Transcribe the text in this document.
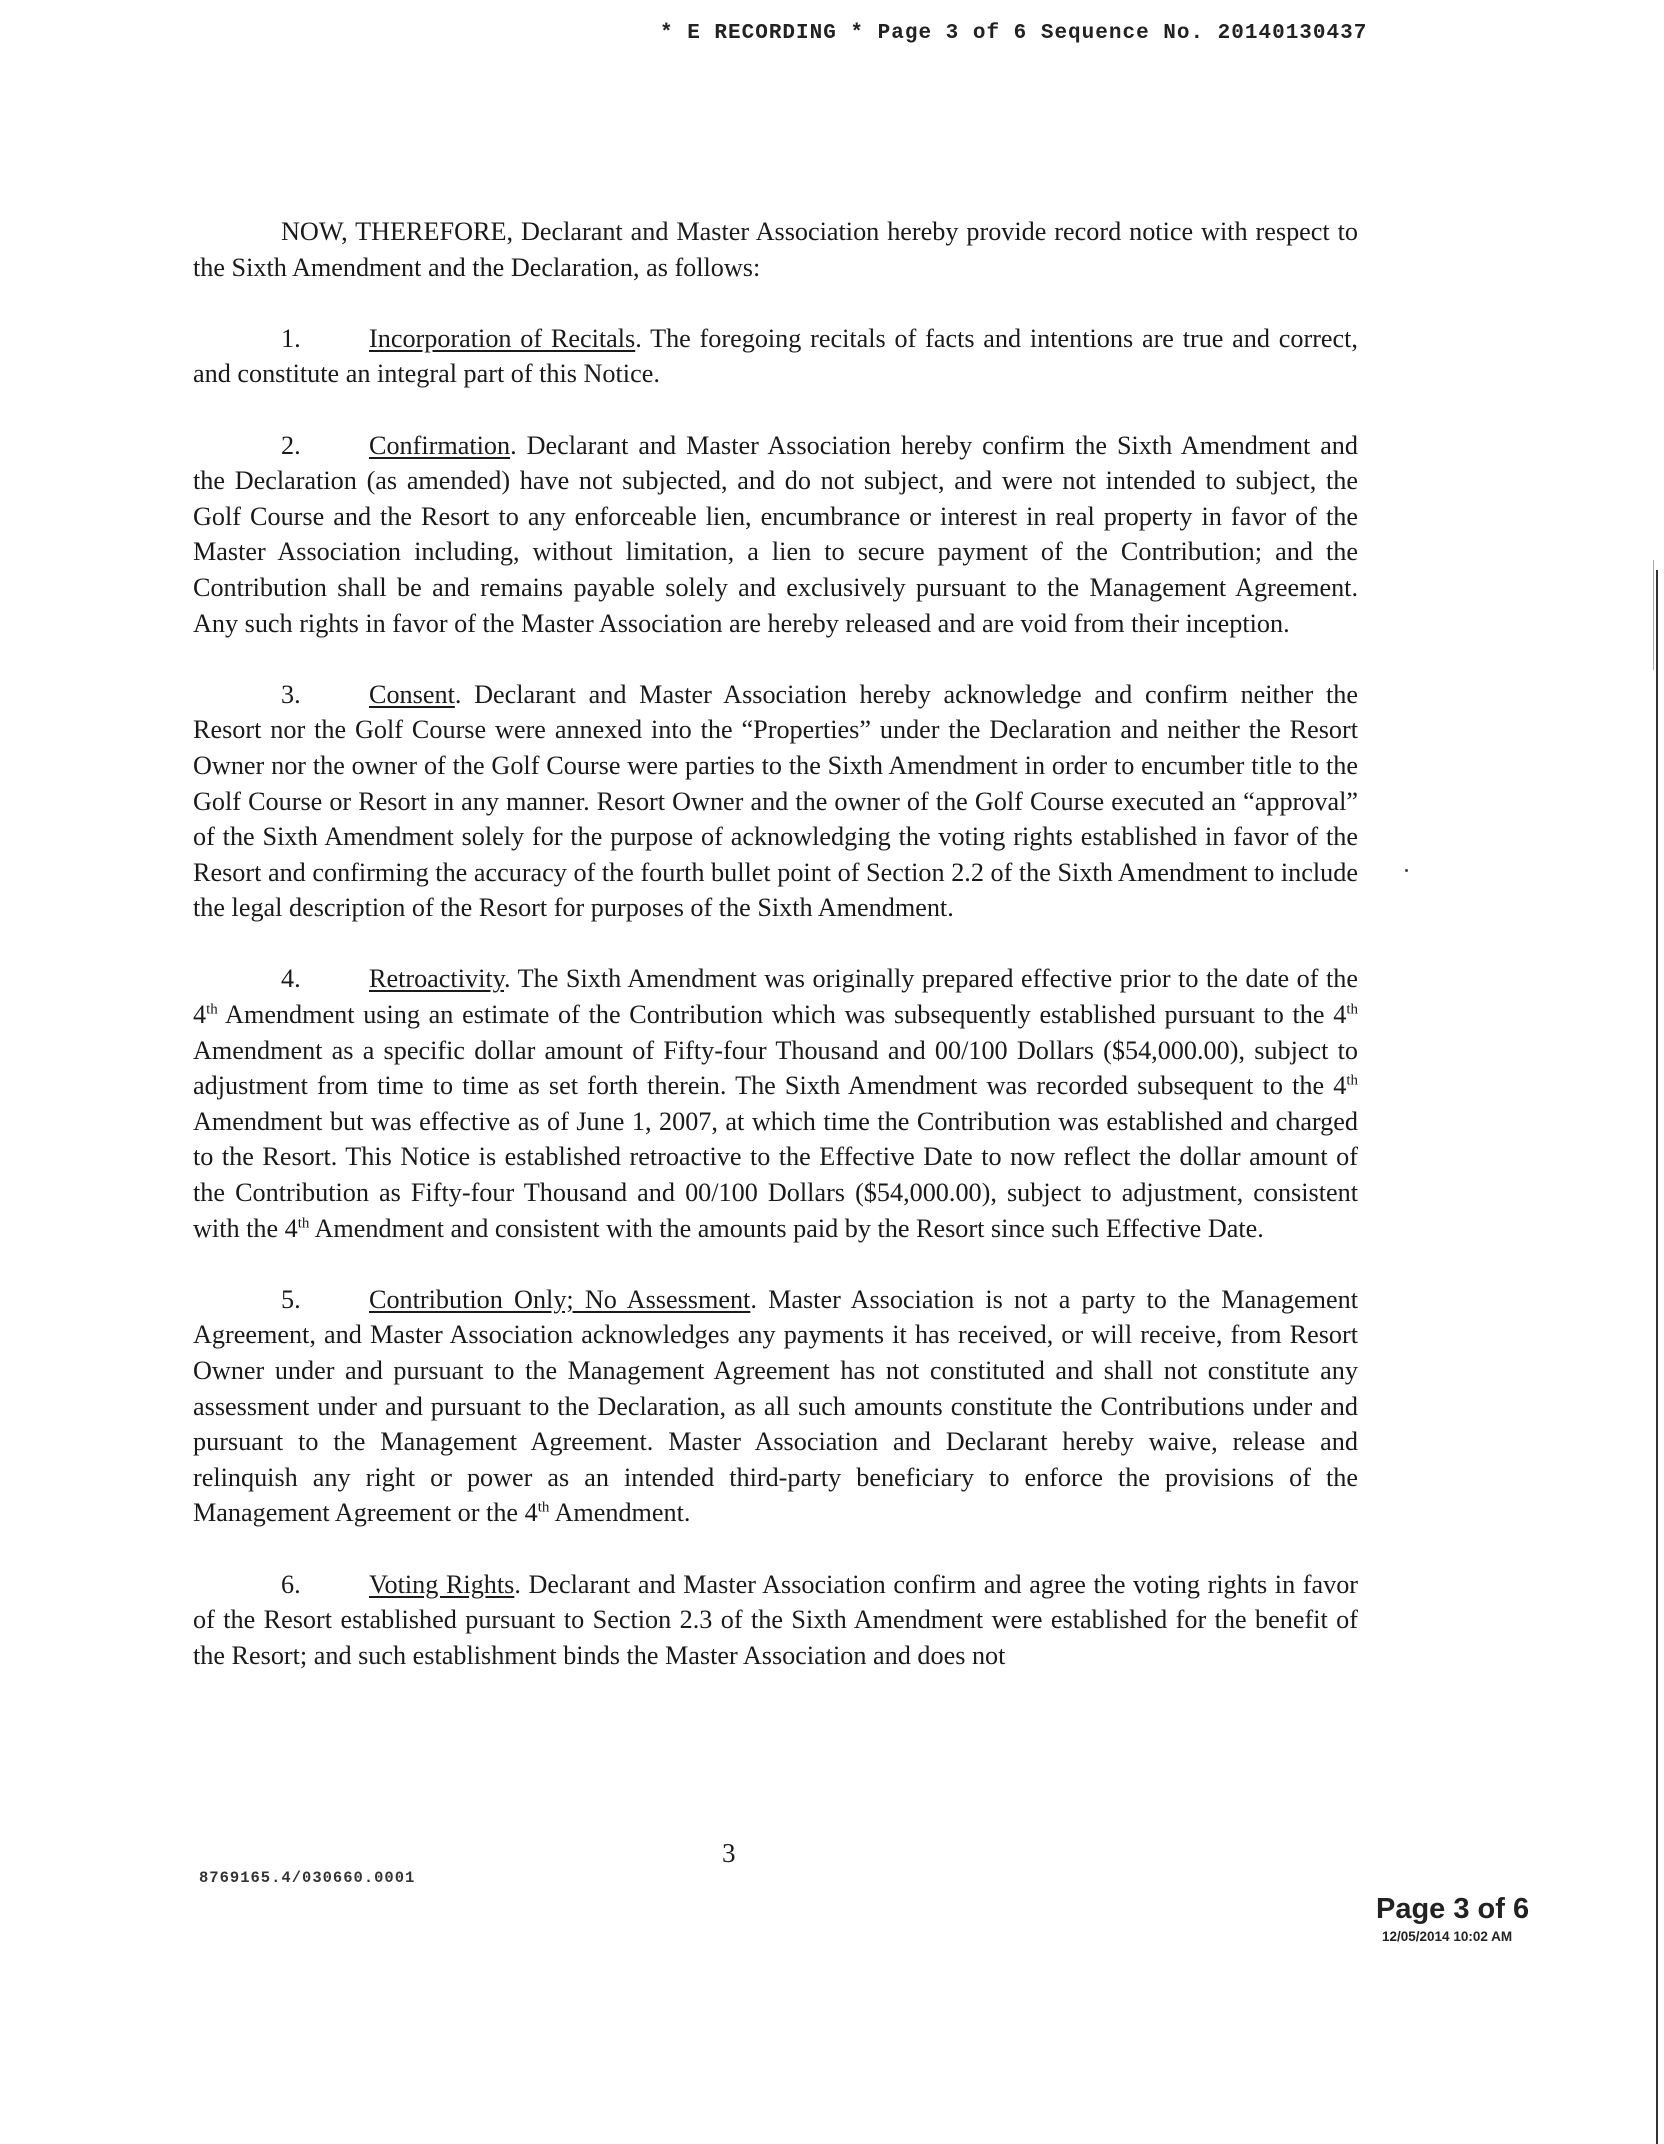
* E RECORDING * Page 3 of 6 Sequence No. 20140130437

NOW, THEREFORE, Declarant and Master Association hereby provide record notice with respect to the Sixth Amendment and the Declaration, as follows:

1.	Incorporation of Recitals. The foregoing recitals of facts and intentions are true and correct, and constitute an integral part of this Notice.

2.	Confirmation. Declarant and Master Association hereby confirm the Sixth Amendment and the Declaration (as amended) have not subjected, and do not subject, and were not intended to subject, the Golf Course and the Resort to any enforceable lien, encumbrance or interest in real property in favor of the Master Association including, without limitation, a lien to secure payment of the Contribution; and the Contribution shall be and remains payable solely and exclusively pursuant to the Management Agreement. Any such rights in favor of the Master Association are hereby released and are void from their inception.

3.	Consent. Declarant and Master Association hereby acknowledge and confirm neither the Resort nor the Golf Course were annexed into the “Properties” under the Declaration and neither the Resort Owner nor the owner of the Golf Course were parties to the Sixth Amendment in order to encumber title to the Golf Course or Resort in any manner. Resort Owner and the owner of the Golf Course executed an “approval” of the Sixth Amendment solely for the purpose of acknowledging the voting rights established in favor of the Resort and confirming the accuracy of the fourth bullet point of Section 2.2 of the Sixth Amendment to include the legal description of the Resort for purposes of the Sixth Amendment.

4.	Retroactivity. The Sixth Amendment was originally prepared effective prior to the date of the 4th Amendment using an estimate of the Contribution which was subsequently established pursuant to the 4th Amendment as a specific dollar amount of Fifty-four Thousand and 00/100 Dollars ($54,000.00), subject to adjustment from time to time as set forth therein. The Sixth Amendment was recorded subsequent to the 4th Amendment but was effective as of June 1, 2007, at which time the Contribution was established and charged to the Resort. This Notice is established retroactive to the Effective Date to now reflect the dollar amount of the Contribution as Fifty-four Thousand and 00/100 Dollars ($54,000.00), subject to adjustment, consistent with the 4th Amendment and consistent with the amounts paid by the Resort since such Effective Date.

5.	Contribution Only; No Assessment. Master Association is not a party to the Management Agreement, and Master Association acknowledges any payments it has received, or will receive, from Resort Owner under and pursuant to the Management Agreement has not constituted and shall not constitute any assessment under and pursuant to the Declaration, as all such amounts constitute the Contributions under and pursuant to the Management Agreement. Master Association and Declarant hereby waive, release and relinquish any right or power as an intended third-party beneficiary to enforce the provisions of the Management Agreement or the 4th Amendment.

6.	Voting Rights. Declarant and Master Association confirm and agree the voting rights in favor of the Resort established pursuant to Section 2.3 of the Sixth Amendment were established for the benefit of the Resort; and such establishment binds the Master Association and does not

3
8769165.4/030660.0001
Page 3 of 6
12/05/2014 10:02 AM
